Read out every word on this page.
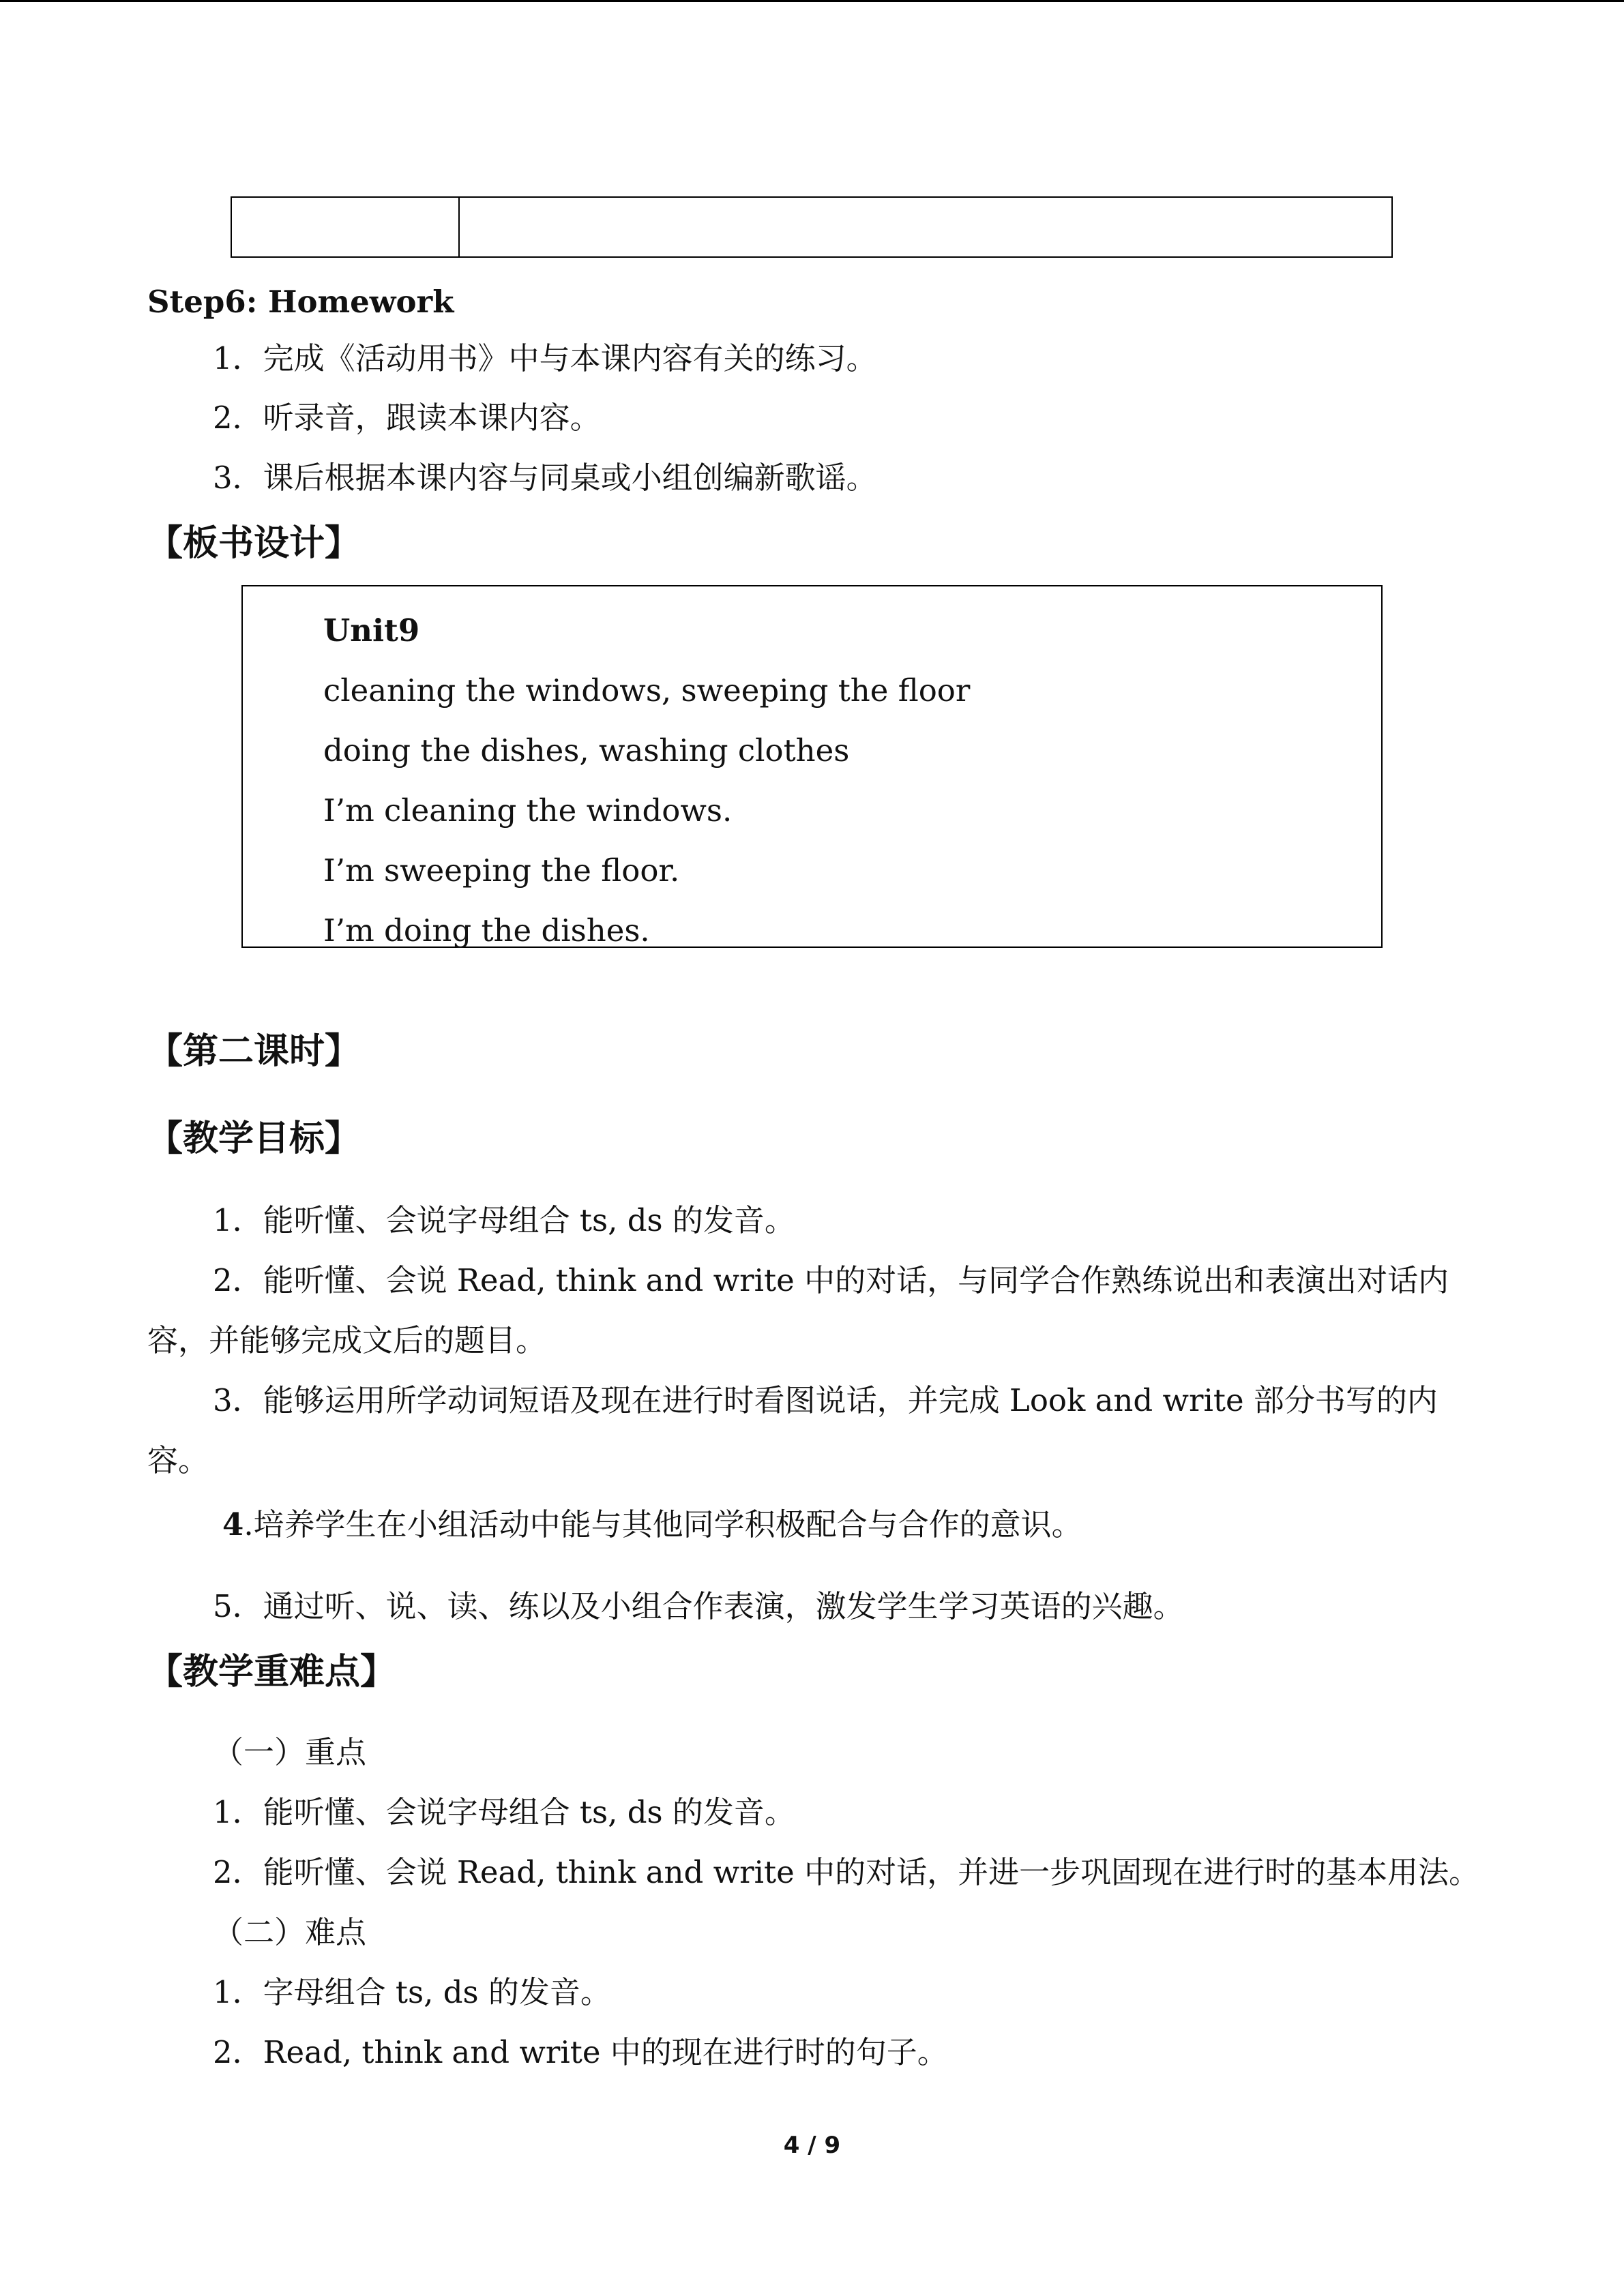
Step6: Homework
1．完成《活动用书》中与本课内容有关的练习。
2．听录音，跟读本课内容。
3．课后根据本课内容与同桌或小组创编新歌谣。
【板书设计】
Unit9
cleaning the windows, sweeping the floor
doing the dishes, washing clothes
I’m cleaning the windows.
I’m sweeping the floor.
I’m doing the dishes.
【第二课时】
【教学目标】
1．能听懂、会说字母组合 ts, ds 的发音。
2．能听懂、会说 Read, think and write 中的对话，与同学合作熟练说出和表演出对话内
容，并能够完成文后的题目。
3．能够运用所学动词短语及现在进行时看图说话，并完成 Look and write 部分书写的内
容。
4.培养学生在小组活动中能与其他同学积极配合与合作的意识。
5．通过听、说、读、练以及小组合作表演，激发学生学习英语的兴趣。
【教学重难点】
（一）重点
1．能听懂、会说字母组合 ts, ds 的发音。
2．能听懂、会说 Read, think and write 中的对话，并进一步巩固现在进行时的基本用法。
（二）难点
1．字母组合 ts, ds 的发音。
2．Read, think and write 中的现在进行时的句子。
4 / 9
